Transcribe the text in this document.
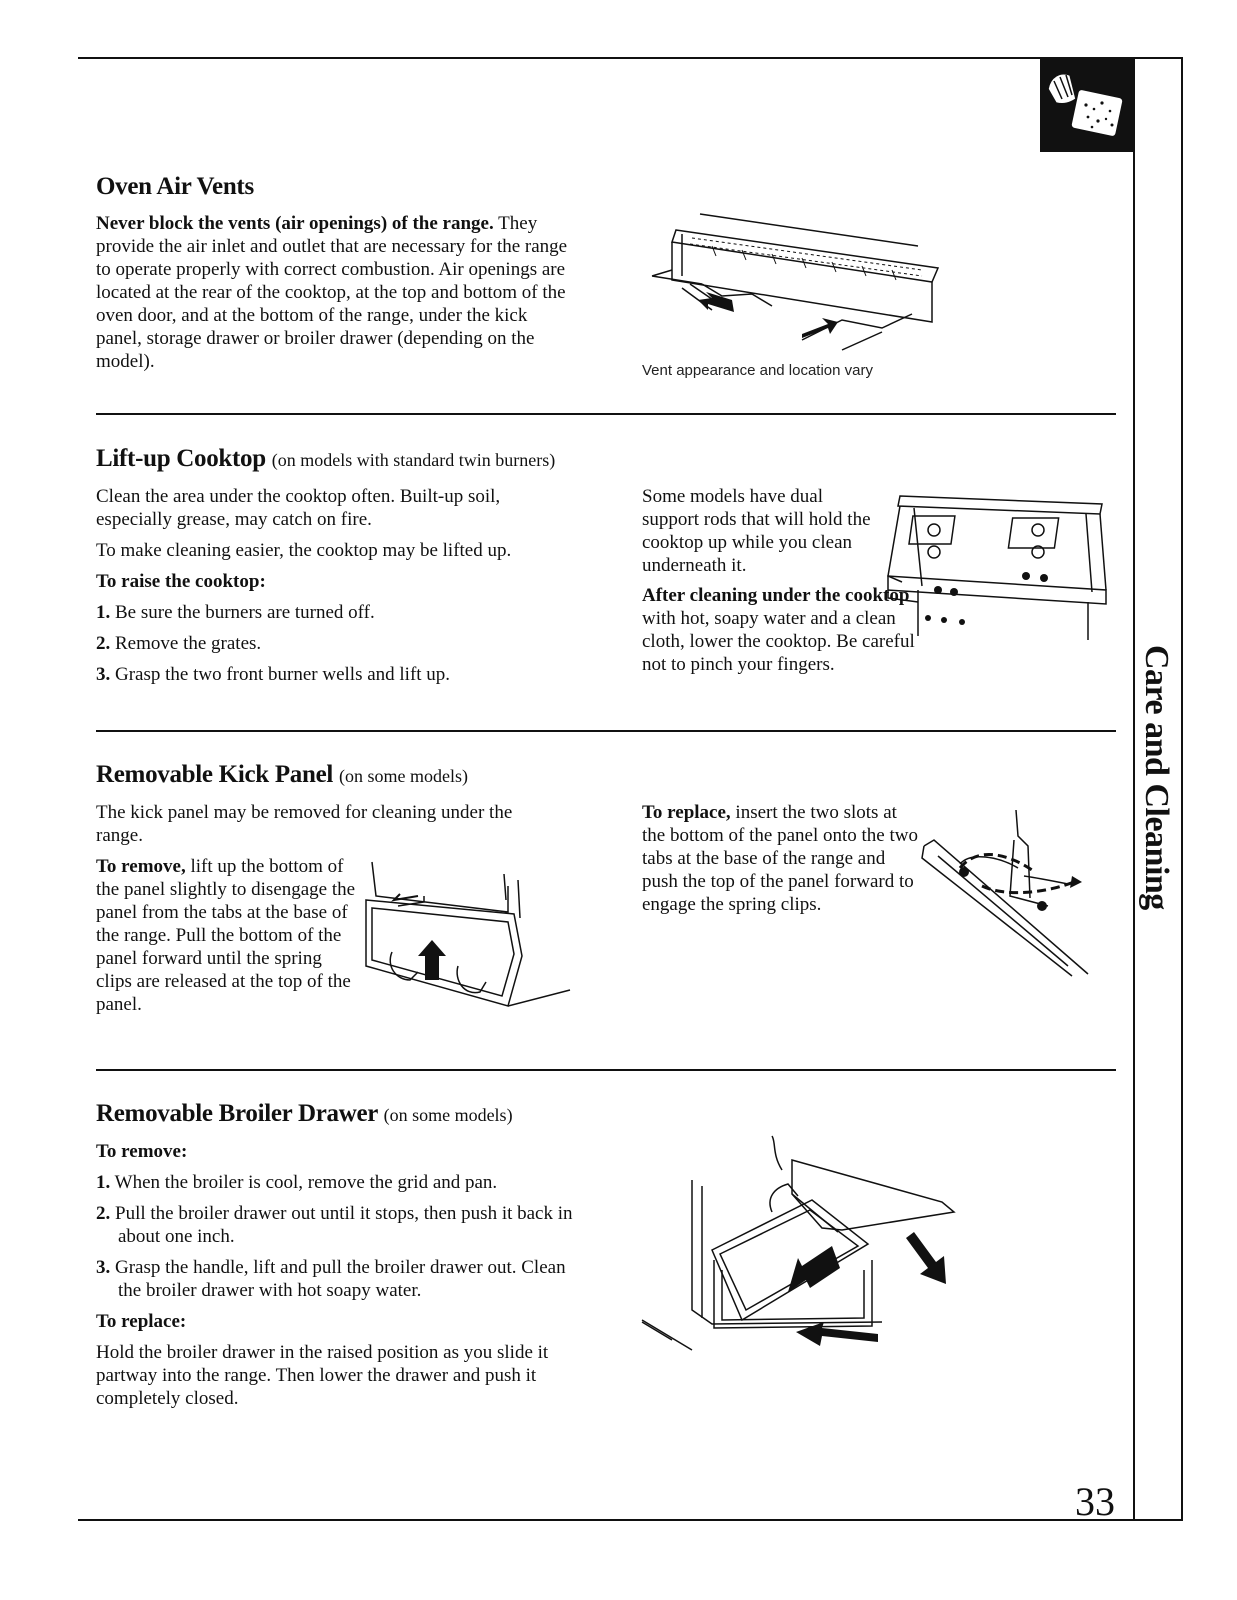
Care and Cleaning
Oven Air Vents

Never block the vents (air openings) of the range. They provide the air inlet and outlet that are necessary for the range to operate properly with correct combustion. Air openings are located at the rear of the cooktop, at the top and bottom of the oven door, and at the bottom of the range, under the kick panel, storage drawer or broiler drawer (depending on the model).	Vent appearance and location vary
Lift-up Cooktop (on models with standard twin burners)

Clean the area under the cooktop often. Built-up soil, especially grease, may catch on fire.

To make cleaning easier, the cooktop may be lifted up.

To raise the cooktop:

1. Be sure the burners are turned off.

2. Remove the grates.

3. Grasp the two front burner wells and lift up.

Some models have dual support rods that will hold the cooktop up while you clean underneath it.

After cleaning under the cooktop with hot, soapy water and a clean cloth, lower the cooktop. Be careful not to pinch your fingers.

Removable Kick Panel (on some models)

The kick panel may be removed for cleaning under the range.

To remove, lift up the bottom of the panel slightly to disengage the panel from the tabs at the base of the range. Pull the bottom of the panel forward until the spring clips are released at the top of the panel.

To replace, insert the two slots at the bottom of the panel onto the two tabs at the base of the range and push the top of the panel forward to engage the spring clips.

Removable Broiler Drawer (on some models)

To remove:

1. When the broiler is cool, remove the grid and pan.

2. Pull the broiler drawer out until it stops, then push it back in about one inch.

3. Grasp the handle, lift and pull the broiler drawer out. Clean the broiler drawer with hot soapy water.

To replace:

Hold the broiler drawer in the raised position as you slide it partway into the range. Then lower the drawer and push it completely closed.

33
